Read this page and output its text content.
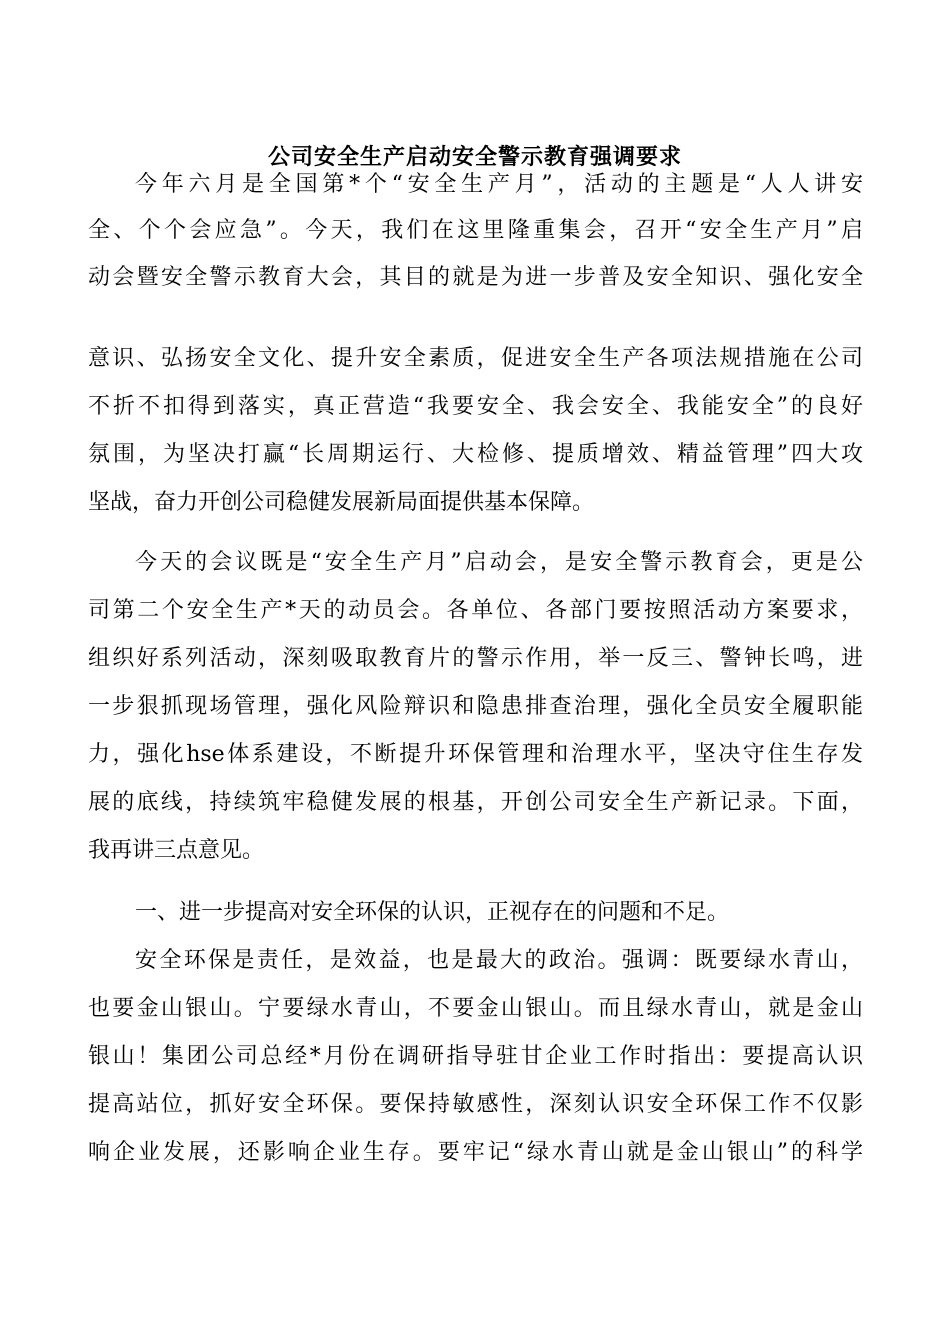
公司安全生产启动安全警示教育强调要求
今年六月是全国第*个“安全生产月”，活动的主题是“人人讲安
全、个个会应急”。今天，我们在这里隆重集会，召开“安全生产月”启
动会暨安全警示教育大会，其目的就是为进一步普及安全知识、强化安全
意识、弘扬安全文化、提升安全素质，促进安全生产各项法规措施在公司
不折不扣得到落实，真正营造“我要安全、我会安全、我能安全”的良好
氛围，为坚决打赢“长周期运行、大检修、提质增效、精益管理”四大攻
坚战，奋力开创公司稳健发展新局面提供基本保障。
今天的会议既是“安全生产月”启动会，是安全警示教育会，更是公
司第二个安全生产*天的动员会。各单位、各部门要按照活动方案要求，
组织好系列活动，深刻吸取教育片的警示作用，举一反三、警钟长鸣，进
一步狠抓现场管理，强化风险辩识和隐患排查治理，强化全员安全履职能
力，强化hse体系建设，不断提升环保管理和治理水平，坚决守住生存发
展的底线，持续筑牢稳健发展的根基，开创公司安全生产新记录。下面，
我再讲三点意见。
一、进一步提高对安全环保的认识，正视存在的问题和不足。
安全环保是责任，是效益，也是最大的政治。强调：既要绿水青山，
也要金山银山。宁要绿水青山，不要金山银山。而且绿水青山，就是金山
银山！集团公司总经*月份在调研指导驻甘企业工作时指出：要提高认识
提高站位，抓好安全环保。要保持敏感性，深刻认识安全环保工作不仅影
响企业发展，还影响企业生存。要牢记“绿水青山就是金山银山”的科学
